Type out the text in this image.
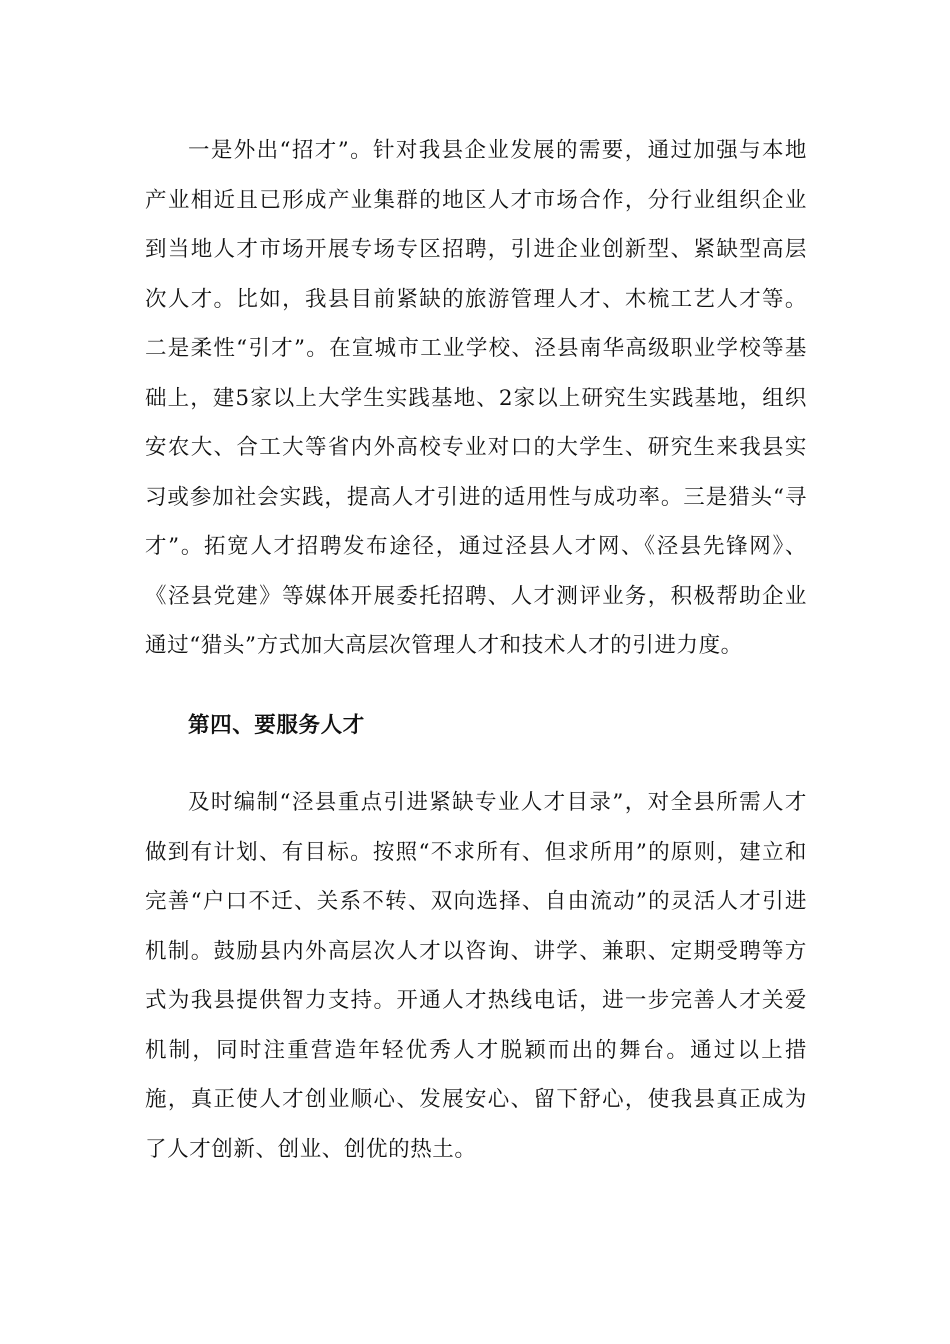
一是外出“招才”。针对我县企业发展的需要，通过加强与本地产业相近且已形成产业集群的地区人才市场合作，分行业组织企业到当地人才市场开展专场专区招聘，引进企业创新型、紧缺型高层次人才。比如，我县目前紧缺的旅游管理人才、木梳工艺人才等。二是柔性“引才”。在宣城市工业学校、泾县南华高级职业学校等基础上，建5家以上大学生实践基地、2家以上研究生实践基地，组织安农大、合工大等省内外高校专业对口的大学生、研究生来我县实习或参加社会实践，提高人才引进的适用性与成功率。三是猎头“寻才”。拓宽人才招聘发布途径，通过泾县人才网、《泾县先锋网》、《泾县党建》等媒体开展委托招聘、人才测评业务，积极帮助企业通过“猎头”方式加大高层次管理人才和技术人才的引进力度。

第四、要服务人才

及时编制“泾县重点引进紧缺专业人才目录”，对全县所需人才做到有计划、有目标。按照“不求所有、但求所用”的原则，建立和完善“户口不迁、关系不转、双向选择、自由流动”的灵活人才引进机制。鼓励县内外高层次人才以咨询、讲学、兼职、定期受聘等方式为我县提供智力支持。开通人才热线电话，进一步完善人才关爱机制，同时注重营造年轻优秀人才脱颖而出的舞台。通过以上措施，真正使人才创业顺心、发展安心、留下舒心，使我县真正成为了人才创新、创业、创优的热土。
